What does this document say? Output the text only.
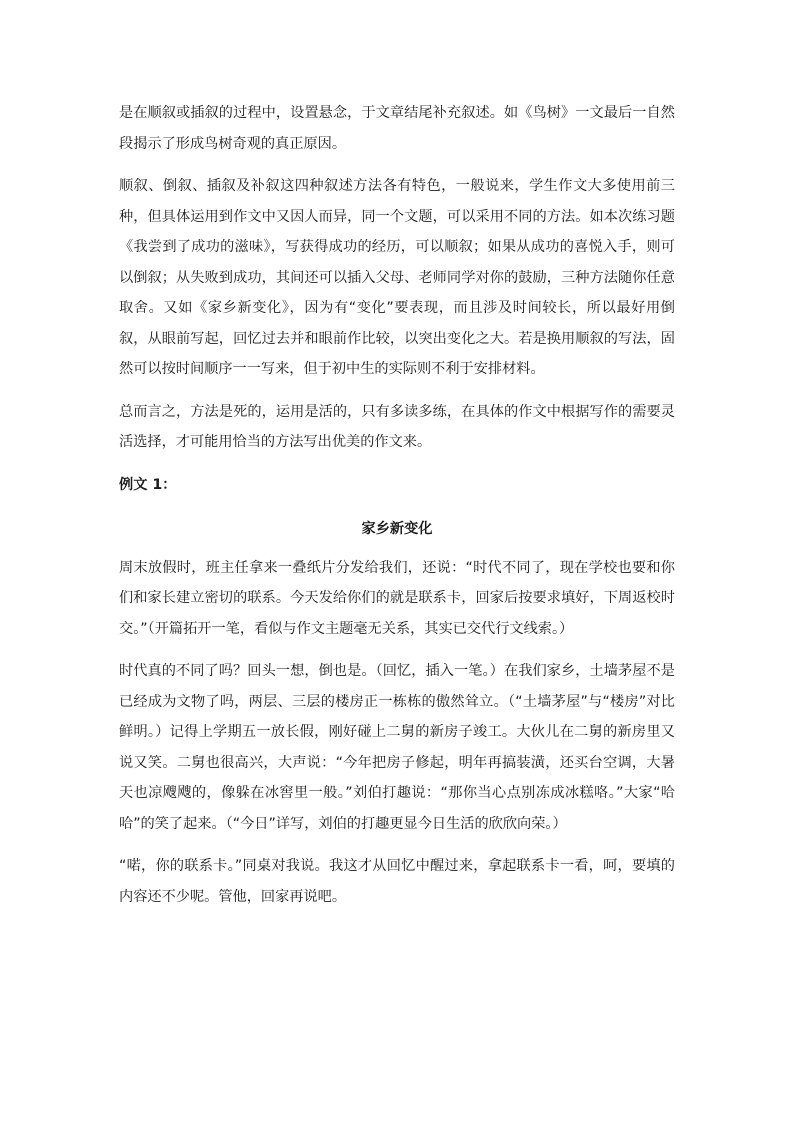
是在顺叙或插叙的过程中，设置悬念，于文章结尾补充叙述。如《鸟树》一文最后一自然段揭示了形成鸟树奇观的真正原因。

顺叙、倒叙、插叙及补叙这四种叙述方法各有特色，一般说来，学生作文大多使用前三种，但具体运用到作文中又因人而异，同一个文题，可以采用不同的方法。如本次练习题《我尝到了成功的滋味》，写获得成功的经历，可以顺叙；如果从成功的喜悦入手，则可以倒叙；从失败到成功，其间还可以插入父母、老师同学对你的鼓励，三种方法随你任意取舍。又如《家乡新变化》，因为有“变化”要表现，而且涉及时间较长，所以最好用倒叙，从眼前写起，回忆过去并和眼前作比较，以突出变化之大。若是换用顺叙的写法，固然可以按时间顺序一一写来，但于初中生的实际则不利于安排材料。

总而言之，方法是死的，运用是活的，只有多读多练，在具体的作文中根据写作的需要灵活选择，才可能用恰当的方法写出优美的作文来。

例文 1：

家乡新变化

周末放假时，班主任拿来一叠纸片分发给我们，还说：“时代不同了，现在学校也要和你们和家长建立密切的联系。今天发给你们的就是联系卡，回家后按要求填好，下周返校时交。”（开篇拓开一笔，看似与作文主题毫无关系，其实已交代行文线索。）

时代真的不同了吗？回头一想，倒也是。（回忆，插入一笔。）在我们家乡，土墙茅屋不是已经成为文物了吗，两层、三层的楼房正一栋栋的傲然耸立。（“土墙茅屋”与“楼房”对比鲜明。）记得上学期五一放长假，刚好碰上二舅的新房子竣工。大伙儿在二舅的新房里又说又笑。二舅也很高兴，大声说：“今年把房子修起，明年再搞装潢，还买台空调，大暑天也凉飕飕的，像躲在冰窖里一般。”刘伯打趣说：“那你当心点别冻成冰糕咯。”大家“哈哈”的笑了起来。（“今日”详写，刘伯的打趣更显今日生活的欣欣向荣。）

“喏，你的联系卡。”同桌对我说。我这才从回忆中醒过来，拿起联系卡一看，呵，要填的内容还不少呢。管他，回家再说吧。
